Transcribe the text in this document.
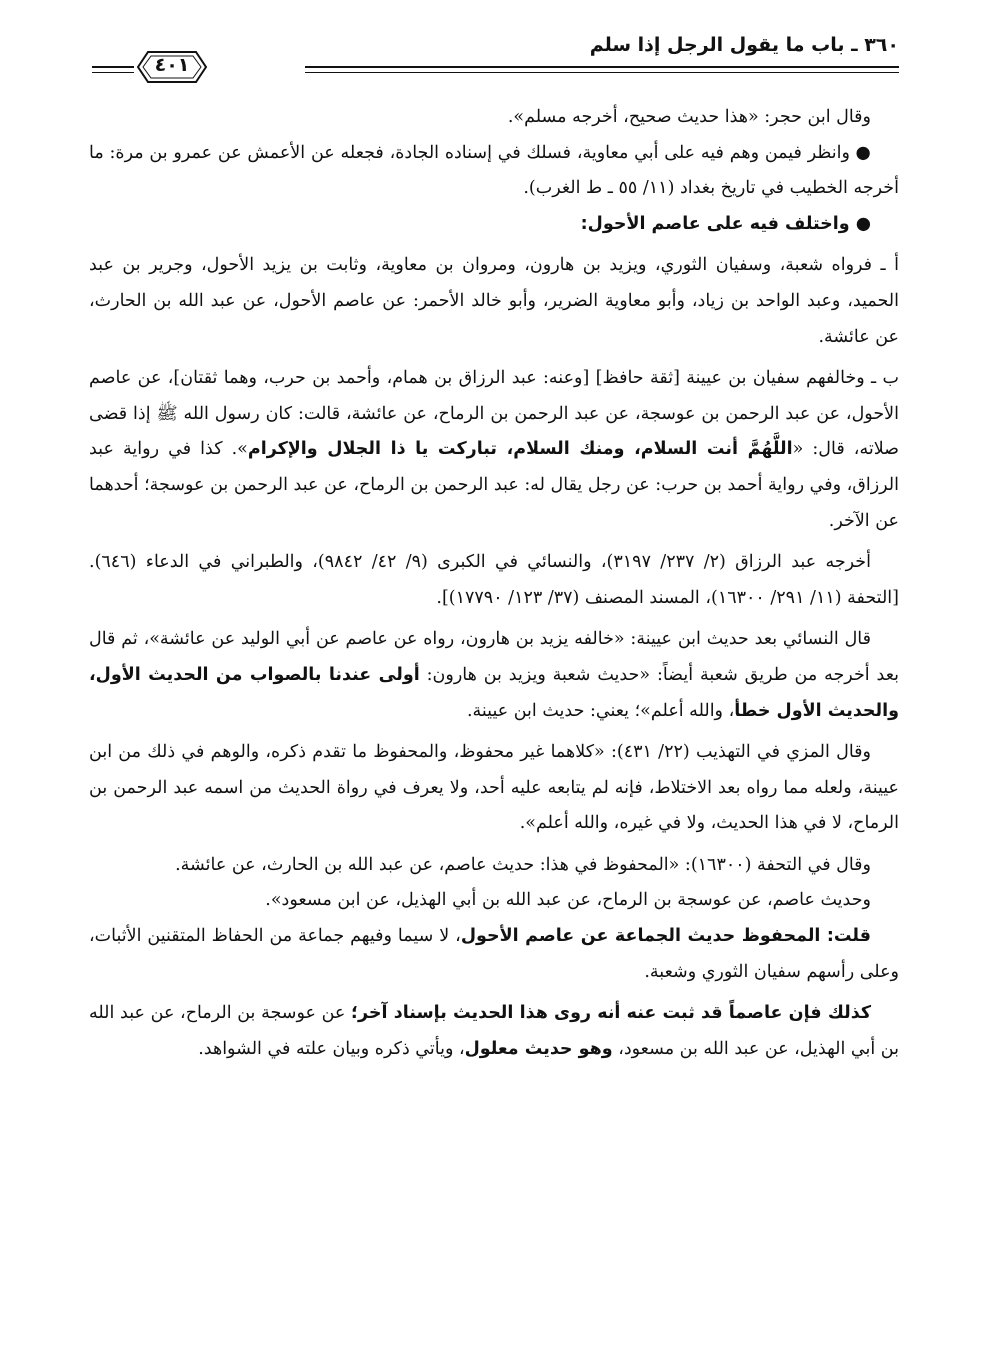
٣٦٠ ـ باب ما يقول الرجل إذا سلم
٤٠١

وقال ابن حجر: «هذا حديث صحيح، أخرجه مسلم».

● وانظر فيمن وهم فيه على أبي معاوية، فسلك في إسناده الجادة، فجعله عن الأعمش عن عمرو بن مرة: ما أخرجه الخطيب في تاريخ بغداد (١١/ ٥٥ ـ ط الغرب).

● واختلف فيه على عاصم الأحول:

أ ـ فرواه شعبة، وسفيان الثوري، ويزيد بن هارون، ومروان بن معاوية، وثابت بن يزيد الأحول، وجرير بن عبد الحميد، وعبد الواحد بن زياد، وأبو معاوية الضرير، وأبو خالد الأحمر: عن عاصم الأحول، عن عبد الله بن الحارث، عن عائشة.

ب ـ وخالفهم سفيان بن عيينة [ثقة حافظ] [وعنه: عبد الرزاق بن همام، وأحمد بن حرب، وهما ثقتان]، عن عاصم الأحول، عن عبد الرحمن بن عوسجة، عن عبد الرحمن بن الرماح، عن عائشة، قالت: كان رسول الله ﷺ إذا قضى صلاته، قال: «اللَّهُمَّ أنت السلام، ومنك السلام، تباركت يا ذا الجلال والإكرام». كذا في رواية عبد الرزاق، وفي رواية أحمد بن حرب: عن رجل يقال له: عبد الرحمن بن الرماح، عن عبد الرحمن بن عوسجة؛ أحدهما عن الآخر.

أخرجه عبد الرزاق (٢/ ٢٣٧/ ٣١٩٧)، والنسائي في الكبرى (٩/ ٤٢/ ٩٨٤٢)، والطبراني في الدعاء (٦٤٦). [التحفة (١١/ ٢٩١/ ١٦٣٠٠)، المسند المصنف (٣٧/ ١٢٣/ ١٧٧٩٠)].

قال النسائي بعد حديث ابن عيينة: «خالفه يزيد بن هارون، رواه عن عاصم عن أبي الوليد عن عائشة»، ثم قال بعد أخرجه من طريق شعبة أيضاً: «حديث شعبة ويزيد بن هارون: أولى عندنا بالصواب من الحديث الأول، والحديث الأول خطأ، والله أعلم»؛ يعني: حديث ابن عيينة.

وقال المزي في التهذيب (٢٢/ ٤٣١): «كلاهما غير محفوظ، والمحفوظ ما تقدم ذكره، والوهم في ذلك من ابن عيينة، ولعله مما رواه بعد الاختلاط، فإنه لم يتابعه عليه أحد، ولا يعرف في رواة الحديث من اسمه عبد الرحمن بن الرماح، لا في هذا الحديث، ولا في غيره، والله أعلم».

وقال في التحفة (١٦٣٠٠): «المحفوظ في هذا: حديث عاصم، عن عبد الله بن الحارث، عن عائشة.

وحديث عاصم، عن عوسجة بن الرماح، عن عبد الله بن أبي الهذيل، عن ابن مسعود».

قلت: المحفوظ حديث الجماعة عن عاصم الأحول، لا سيما وفيهم جماعة من الحفاظ المتقنين الأثبات، وعلى رأسهم سفيان الثوري وشعبة.

كذلك فإن عاصماً قد ثبت عنه أنه روى هذا الحديث بإسناد آخر؛ عن عوسجة بن الرماح، عن عبد الله بن أبي الهذيل، عن عبد الله بن مسعود، وهو حديث معلول، ويأتي ذكره وبيان علته في الشواهد.
